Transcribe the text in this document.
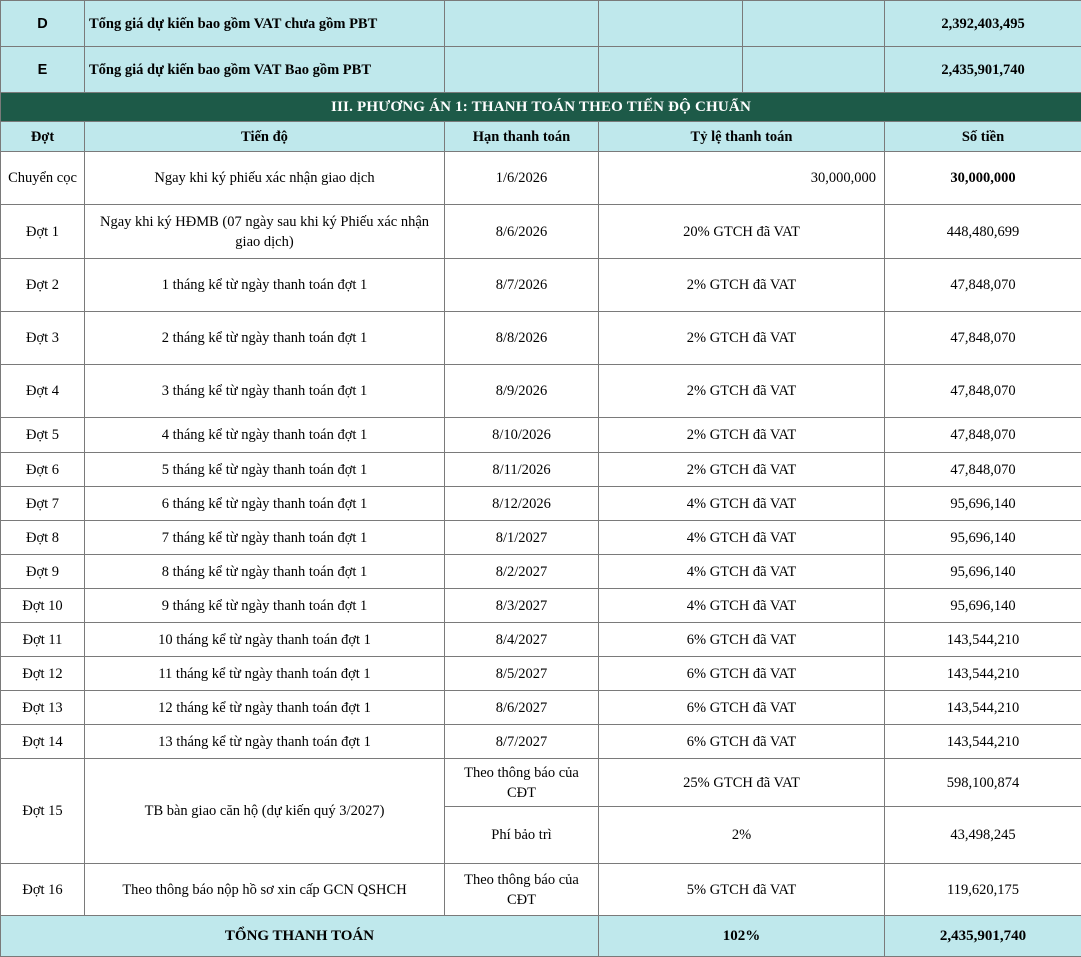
D	Tổng giá dự kiến bao gồm VAT chưa gồm PBT				2,392,403,495
E	Tổng giá dự kiến bao gồm VAT Bao gồm PBT				2,435,901,740
III. PHƯƠNG ÁN 1: THANH TOÁN THEO TIẾN ĐỘ CHUẨN					
Đợt	Tiến độ	Hạn thanh toán	Tỷ lệ thanh toán		Số tiền
Chuyển cọc	Ngay khi ký phiếu xác nhận giao dịch	1/6/2026	30,000,000		30,000,000
Đợt 1	Ngay khi ký HĐMB (07 ngày sau khi ký Phiếu xác nhận giao dịch)	8/6/2026	20% GTCH đã VAT		448,480,699
Đợt 2	1 tháng kể từ ngày thanh toán đợt 1	8/7/2026	2% GTCH đã VAT		47,848,070
Đợt 3	2 tháng kể từ ngày thanh toán đợt 1	8/8/2026	2% GTCH đã VAT		47,848,070
Đợt 4	3 tháng kể từ ngày thanh toán đợt 1	8/9/2026	2% GTCH đã VAT		47,848,070
Đợt 5	4 tháng kể từ ngày thanh toán đợt 1	8/10/2026	2% GTCH đã VAT		47,848,070
Đợt 6	5 tháng kể từ ngày thanh toán đợt 1	8/11/2026	2% GTCH đã VAT		47,848,070
Đợt 7	6 tháng kể từ ngày thanh toán đợt 1	8/12/2026	4% GTCH đã VAT		95,696,140
Đợt 8	7 tháng kể từ ngày thanh toán đợt 1	8/1/2027	4% GTCH đã VAT		95,696,140
Đợt 9	8 tháng kể từ ngày thanh toán đợt 1	8/2/2027	4% GTCH đã VAT		95,696,140
Đợt 10	9 tháng kể từ ngày thanh toán đợt 1	8/3/2027	4% GTCH đã VAT		95,696,140
Đợt 11	10 tháng kể từ ngày thanh toán đợt 1	8/4/2027	6% GTCH đã VAT		143,544,210
Đợt 12	11 tháng kể từ ngày thanh toán đợt 1	8/5/2027	6% GTCH đã VAT		143,544,210
Đợt 13	12 tháng kể từ ngày thanh toán đợt 1	8/6/2027	6% GTCH đã VAT		143,544,210
Đợt 14	13 tháng kể từ ngày thanh toán đợt 1	8/7/2027	6% GTCH đã VAT		143,544,210
Đợt 15	TB bàn giao căn hộ (dự kiến quý 3/2027)	Theo thông báo của CĐT	25% GTCH đã VAT		598,100,874
		Phí bảo trì	2%		43,498,245
Đợt 16	Theo thông báo nộp hồ sơ xin cấp GCN QSHCH	Theo thông báo của CĐT	5% GTCH đã VAT		119,620,175
TỔNG THANH TOÁN			102%		2,435,901,740
